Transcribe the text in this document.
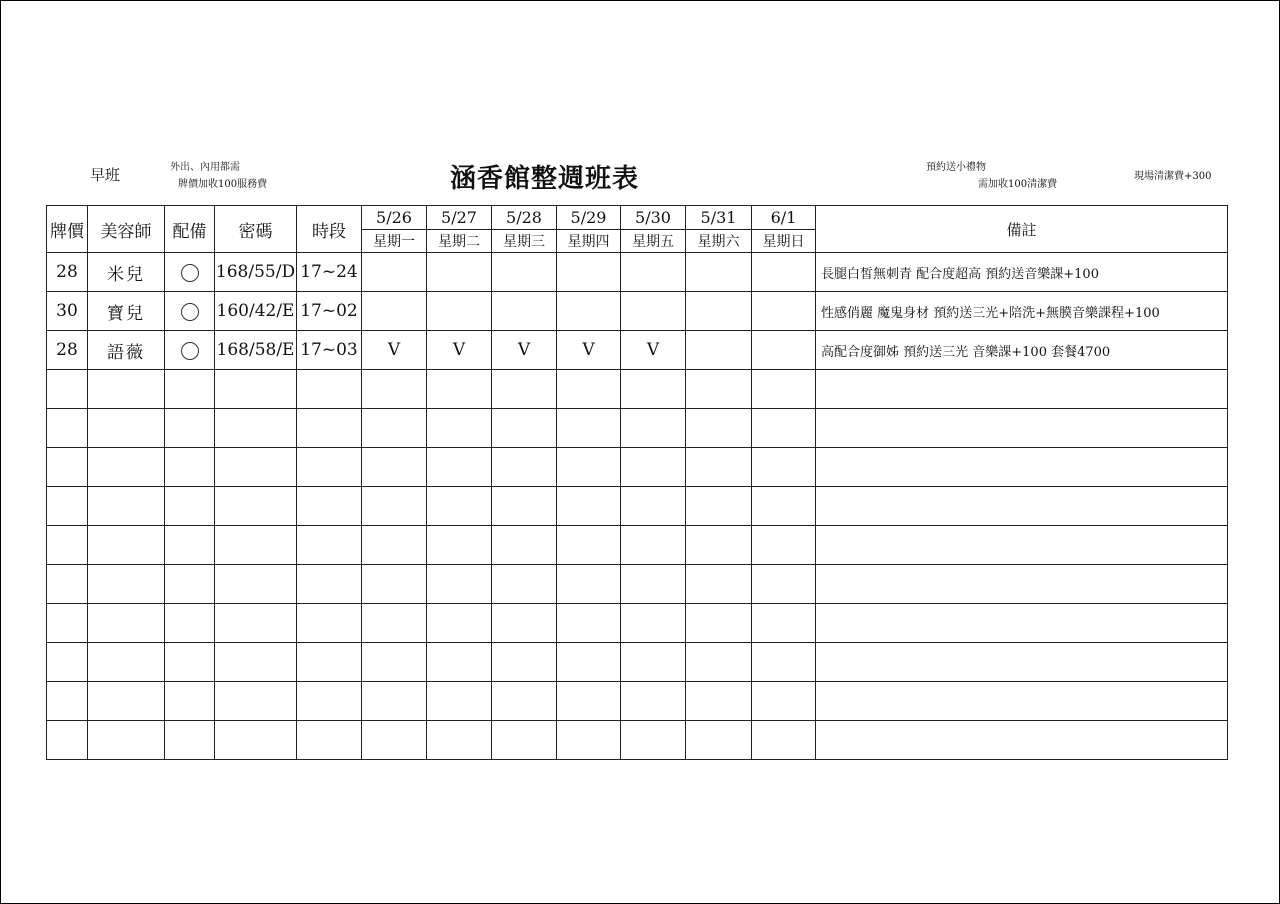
早班	外出、內用都需
牌價加收100服務費	涵香館整週班表	預約送小禮物
需加收100清潔費
現場清潔費+300
牌價	美容師	配備	密碼	時段	5/26	5/27	5/28	5/29	5/30	5/31	6/1	備註
					星期一	星期二	星期三	星期四	星期五	星期六	星期日	
28	米兒		168/55/D	17~24								長腿白皙無刺青 配合度超高 預約送音樂課+100
30	寶兒		160/42/E	17~02								性感俏麗 魔鬼身材 預約送三光+陪洗+無膜音樂課程+100
28	語薇		168/58/E	17~03	V	V	V	V	V			高配合度御姊 預約送三光 音樂課+100 套餐4700
